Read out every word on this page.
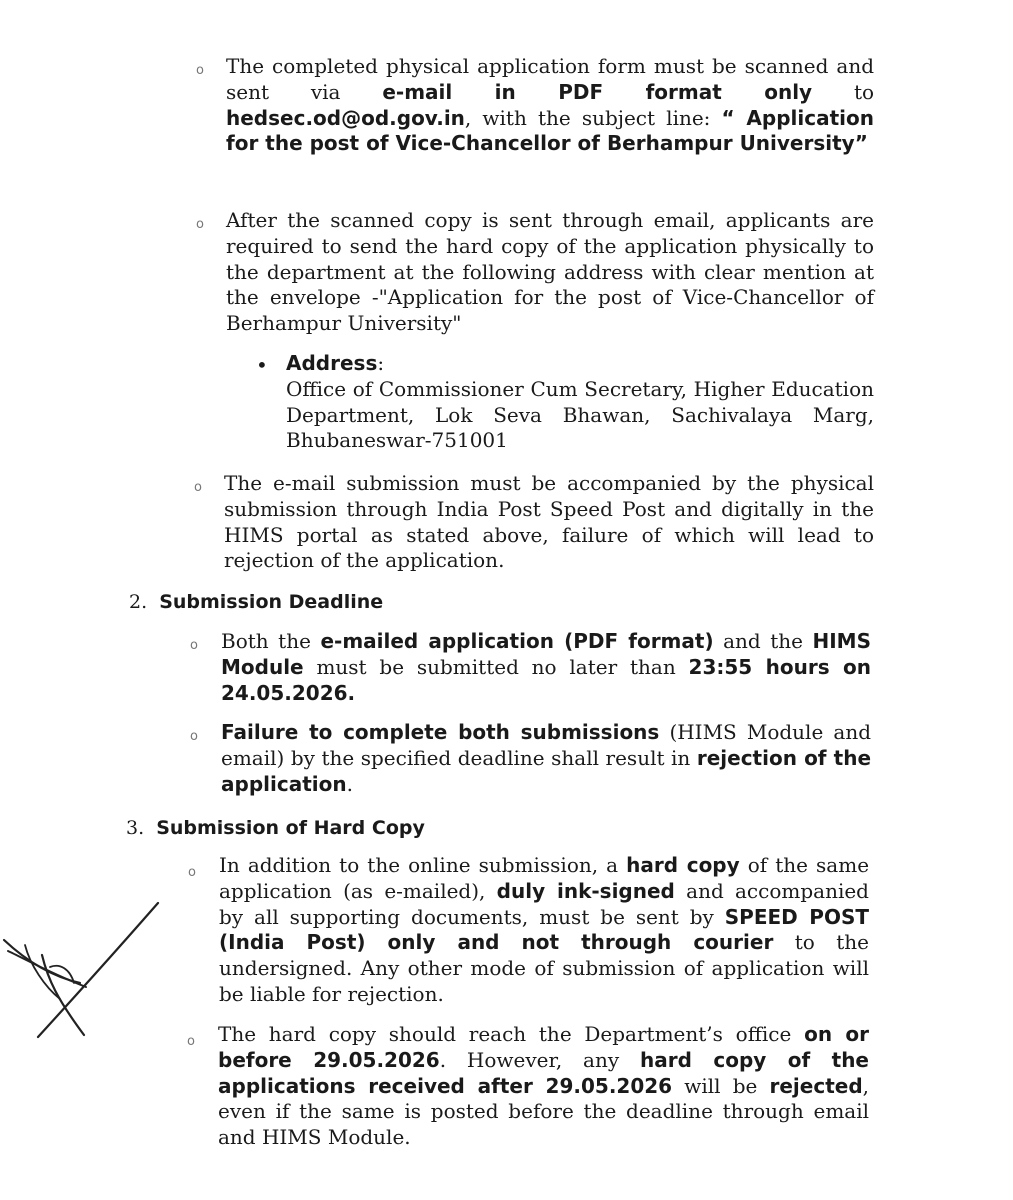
o The completed physical application form must be scanned and sent via e-mail in PDF format only to hedsec.od@od.gov.in, with the subject line: “ Application for the post of Vice-Chancellor of Berhampur University”
o After the scanned copy is sent through email, applicants are required to send the hard copy of the application physically to the department at the following address with clear mention at the envelope -"Application for the post of Vice-Chancellor of Berhampur University"
• Address:
Office of Commissioner Cum Secretary, Higher Education Department, Lok Seva Bhawan, Sachivalaya Marg, Bhubaneswar-751001
o The e-mail submission must be accompanied by the physical submission through India Post Speed Post and digitally in the HIMS portal as stated above, failure of which will lead to rejection of the application.
2. Submission Deadline
o Both the e-mailed application (PDF format) and the HIMS Module must be submitted no later than 23:55 hours on 24.05.2026.
o Failure to complete both submissions (HIMS Module and email) by the specified deadline shall result in rejection of the application.
3. Submission of Hard Copy
o In addition to the online submission, a hard copy of the same application (as e-mailed), duly ink-signed and accompanied by all supporting documents, must be sent by SPEED POST (India Post) only and not through courier to the undersigned. Any other mode of submission of application will be liable for rejection.
o The hard copy should reach the Department’s office on or before 29.05.2026. However, any hard copy of the applications received after 29.05.2026 will be rejected, even if the same is posted before the deadline through email and HIMS Module.
